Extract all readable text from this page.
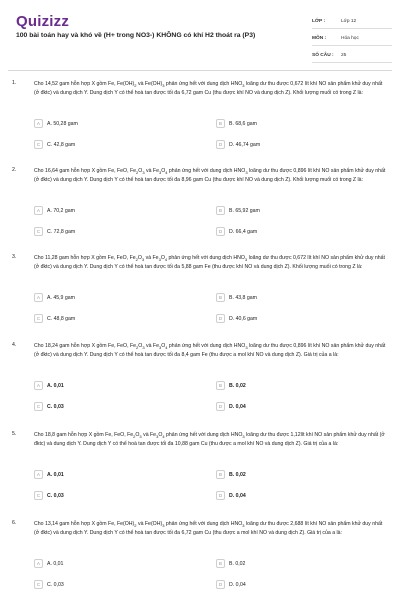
Quizizz
100 bài toán hay và khó về (H+ trong NO3-) KHÔNG có khí H2 thoát ra (P3)
LỚP :	Lớp 12
MÔN :	Hóa học
SỐ CÂU :	25
1.	Cho 14,52 gam hỗn hợp X gồm Fe, $Fe(OH)_2$ và $Fe(OH)_3$ phản ứng hết với dung dịch $HNO_3$ loãng dư thu được 0,672 lít khí NO sản phẩm khử duy nhất (ở đktc) và dung dịch Y. Dung dịch Y có thể hoà tan được tối đa 6,72 gam Cu (thu được khí NO và dung dịch Z). Khối lượng muối có trong Z là:
A	A. 50,28 gam	B	B. 68,6 gam
C	C. 42,8 gam	D	D. 46,74 gam
2.	Cho 16,64 gam hỗn hợp X gồm Fe, FeO, $Fe_2O_3$ và $Fe_3O_4$ phản ứng hết với dung dịch $HNO_3$ loãng dư thu được 0,896 lít khí NO sản phẩm khử duy nhất (ở đktc) và dung dịch Y. Dung dịch Y có thể hoà tan được tối đa 8,96 gam Cu (thu được khí NO và dung dịch Z). Khối lượng muối có trong Z là:
A	A. 70,2 gam	B	B. 65,92 gam
C	C. 72,8 gam	D	D. 66,4 gam
3.	Cho 11,28 gam hỗn hợp X gồm Fe, FeO, $Fe_2O_3$ và $Fe_3O_4$ phản ứng hết với dung dịch $HNO_3$ loãng dư thu được 0,672 lít khí NO sản phẩm khử duy nhất (ở đktc) và dung dịch Y. Dung dịch Y có thể hoà tan được tối đa 5,88 gam Fe (thu được khí NO và dung dịch Z). Khối lượng muối có trong Z là:
A	A. 45,9 gam	B	B. 43,8 gam
C	C. 48,8 gam	D	D. 40,6 gam
4.	Cho 18,24 gam hỗn hợp X gồm Fe, FeO, $Fe_2O_3$ và $Fe_3O_4$ phản ứng hết với dung dịch $HNO_3$ loãng dư thu được 0,896 lít khí NO sản phẩm khử duy nhất (ở đktc) và dung dịch Y. Dung dịch Y có thể hoà tan được tối đa 8,4 gam Fe (thu được a mol khí NO và dung dịch Z). Giá trị của a là:
A	A. 0,01	B	B. 0,02
C	C. 0,03	D	D. 0,04
5.	Cho 18,8 gam hỗn hợp X gồm Fe, FeO, $Fe_2O_3$ và $Fe_3O_4$ phản ứng hết với dung dịch $HNO_3$ loãng dư thu được 1,12lít khí NO sản phẩm khử duy nhất (ở đktc) và dung dịch Y. Dung dịch Y có thể hoà tan được tối đa 10,88 gam Cu (thu được a mol khí NO và dung dịch Z). Giá trị của a là:
A	A. 0,01	B	B. 0,02
C	C. 0,03	D	D. 0,04
6.	Cho 13,14 gam hỗn hợp X gồm Fe, $Fe(OH)_2$ và $Fe(OH)_3$ phản ứng hết với dung dịch $HNO_3$ loãng dư thu được 2,688 lít khí NO sản phẩm khử duy nhất (ở đktc) và dung dịch Y. Dung dịch Y có thể hoà tan được tối đa 6,72 gam Cu (thu được a mol khí NO và dung dịch Z). Giá trị của a là:
A	A. 0,01	B	B. 0,02
C	C. 0,03	D	D. 0,04
